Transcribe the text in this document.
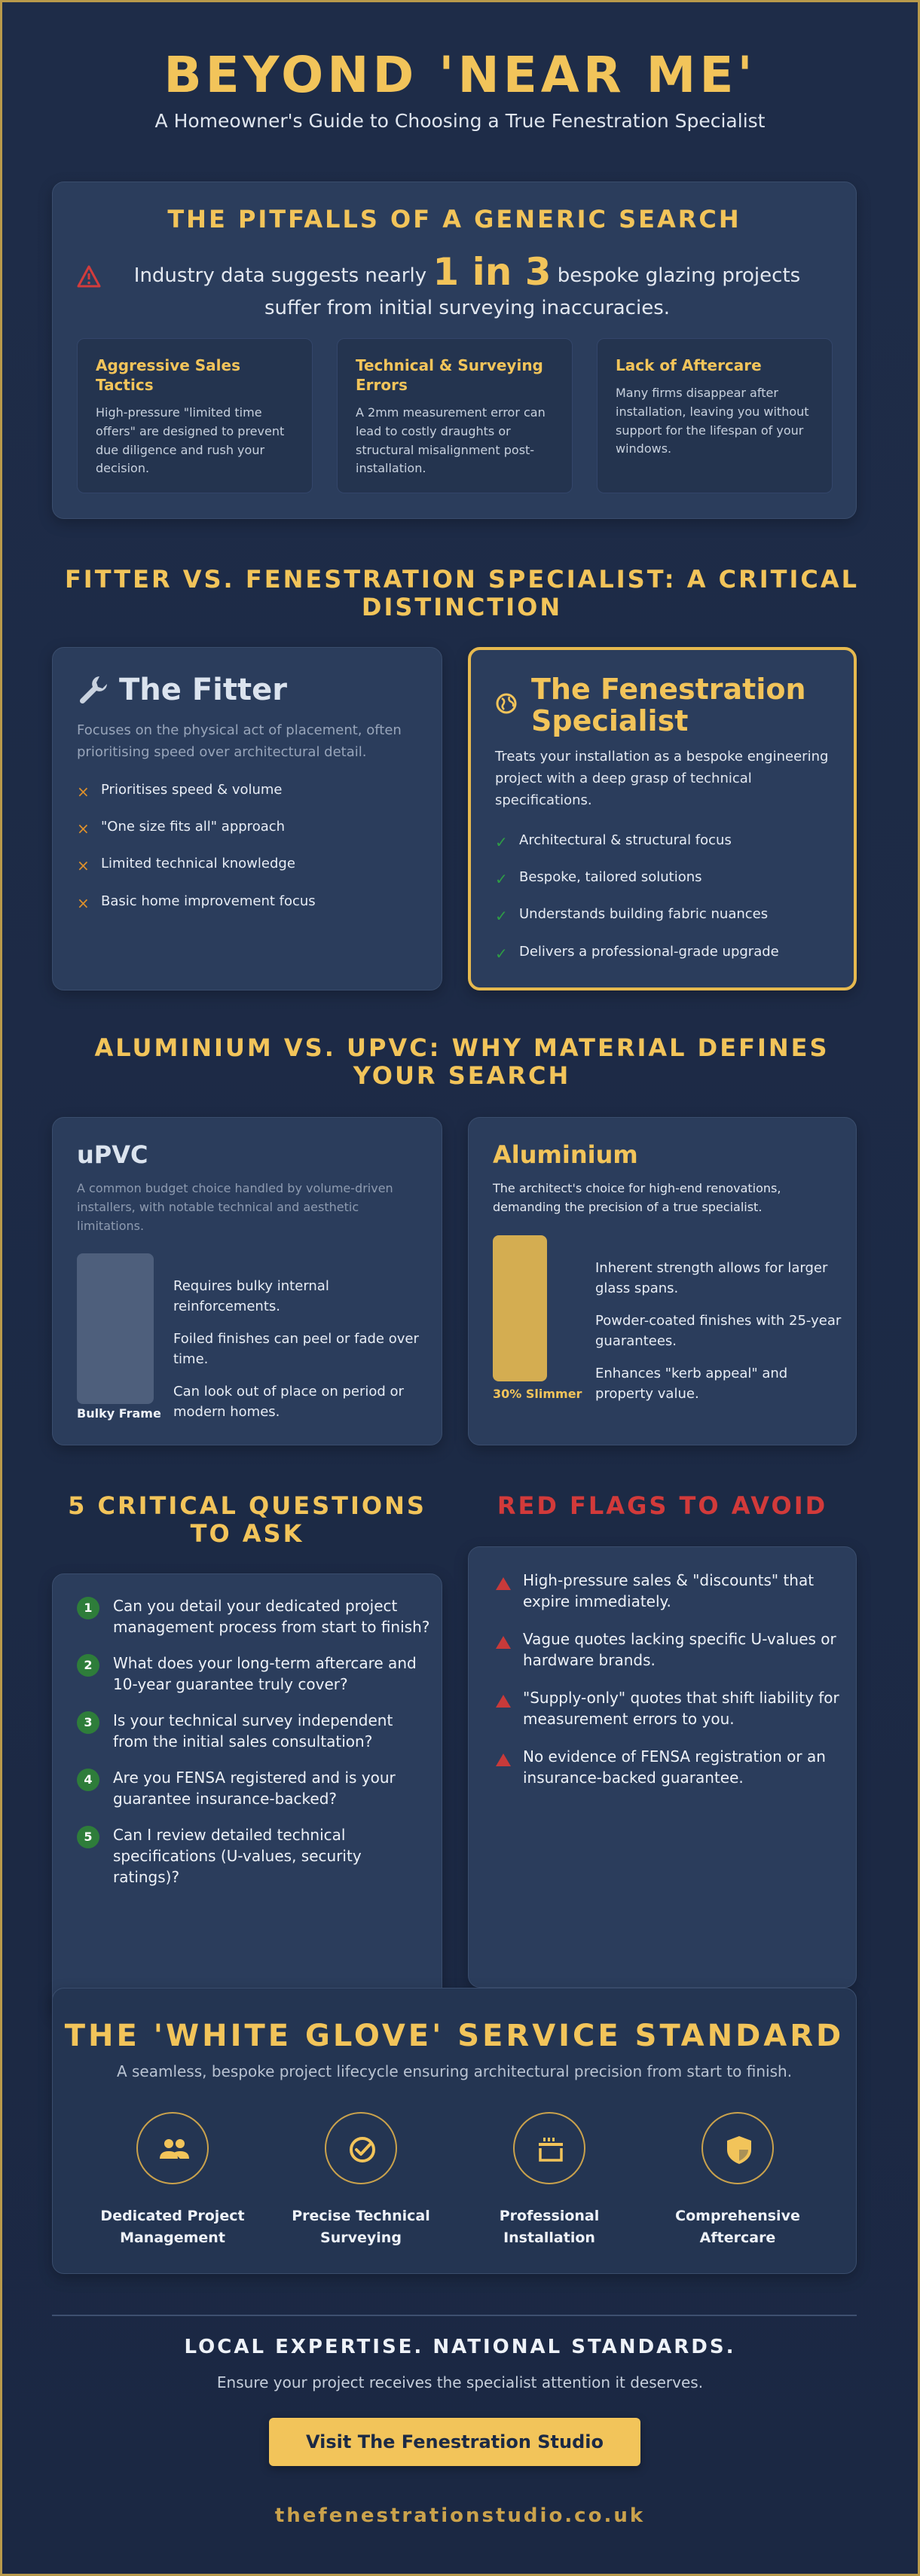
BEYOND 'NEAR ME'

A Homeowner's Guide to Choosing a True Fenestration Specialist

THE PITFALLS OF A GENERIC SEARCH

Industry data suggests nearly 1 in 3 bespoke glazing projects suffer from initial surveying inaccuracies.

Aggressive Sales Tactics

High-pressure "limited time offers" are designed to prevent due diligence and rush your decision.

Technical & Surveying Errors

A 2mm measurement error can lead to costly draughts or structural misalignment post-installation.

Lack of Aftercare

Many firms disappear after installation, leaving you without support for the lifespan of your windows.

FITTER VS. FENESTRATION SPECIALIST: A CRITICAL DISTINCTION
The Fitter

Focuses on the physical act of placement, often prioritising speed over architectural detail.

× Prioritises speed & volume
× "One size fits all" approach
× Limited technical knowledge
× Basic home improvement focus
The Fenestration Specialist

Treats your installation as a bespoke engineering project with a deep grasp of technical specifications.

✓ Architectural & structural focus
✓ Bespoke, tailored solutions
✓ Understands building fabric nuances
✓ Delivers a professional-grade upgrade
ALUMINIUM VS. UPVC: WHY MATERIAL DEFINES YOUR SEARCH
uPVC

A common budget choice handled by volume-driven installers, with notable technical and aesthetic limitations.

Bulky Frame

Requires bulky internal reinforcements.

Foiled finishes can peel or fade over time.

Can look out of place on period or modern homes.

Aluminium

The architect's choice for high-end renovations, demanding the precision of a true specialist.

30% Slimmer

Inherent strength allows for larger glass spans.

Powder-coated finishes with 25-year guarantees.

Enhances "kerb appeal" and property value.

5 CRITICAL QUESTIONS TO ASK
RED FLAGS TO AVOID
1	Can you detail your dedicated project management process from start to finish?
2	What does your long-term aftercare and 10-year guarantee truly cover?
3	Is your technical survey independent from the initial sales consultation?
4	Are you FENSA registered and is your guarantee insurance-backed?
5	Can I review detailed technical specifications (U-values, security ratings)?
High-pressure sales & "discounts" that expire immediately.
Vague quotes lacking specific U-values or hardware brands.
"Supply-only" quotes that shift liability for measurement errors to you.
No evidence of FENSA registration or an insurance-backed guarantee.
THE 'WHITE GLOVE' SERVICE STANDARD

A seamless, bespoke project lifecycle ensuring architectural precision from start to finish.

Dedicated Project Management
Precise Technical Surveying
Professional Installation
Comprehensive Aftercare
LOCAL EXPERTISE. NATIONAL STANDARDS.

Ensure your project receives the specialist attention it deserves.

Visit The Fenestration Studio
thefenestrationstudio.co.uk
